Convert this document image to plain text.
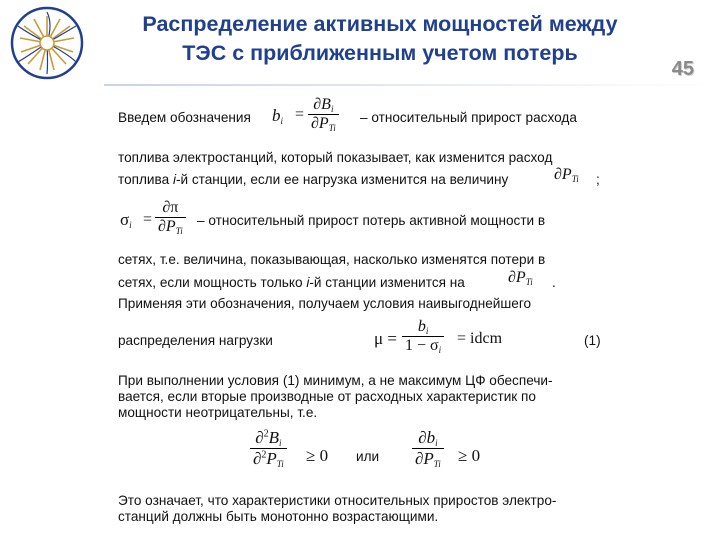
Распределение активных мощностей между
ТЭС с приближенным учетом потерь
45
Введем обозначения $b_i$ =
$\partial B_i$
$\partial P_{Ti}$
– относительный прирост расхода
топлива электростанций, который показывает, как изменится расход
топлива i-й станции, если ее нагрузка изменится на величину	$\partial P_{Ti}$ ;
$\sigma_i$ =
∂π
$\partial P_{Ti}$
– относительный прирост потерь активной мощности в
сетях, т.е. величина, показывающая, насколько изменятся потери в
сетях, если мощность только i-й станции изменится на	$\partial P_{Ti}$ .
Применяя эти обозначения, получаем условия наивыгоднейшего
распределения нагрузки	μ =
$b_i$
$1 - \sigma_i$
= idcm	(1)
При выполнении условия (1) минимум, а не максимум ЦФ обеспечи-
вается, если вторые производные от расходных характеристик по
мощности неотрицательны, т.е.
$\partial^2B_i$
$\partial^2P_{Ti} \ge 0$ или
$\partial b_i$
$\partial P_{Ti} \ge 0$
Это означает, что характеристики относительных приростов электро-
станций должны быть монотонно возрастающими.
